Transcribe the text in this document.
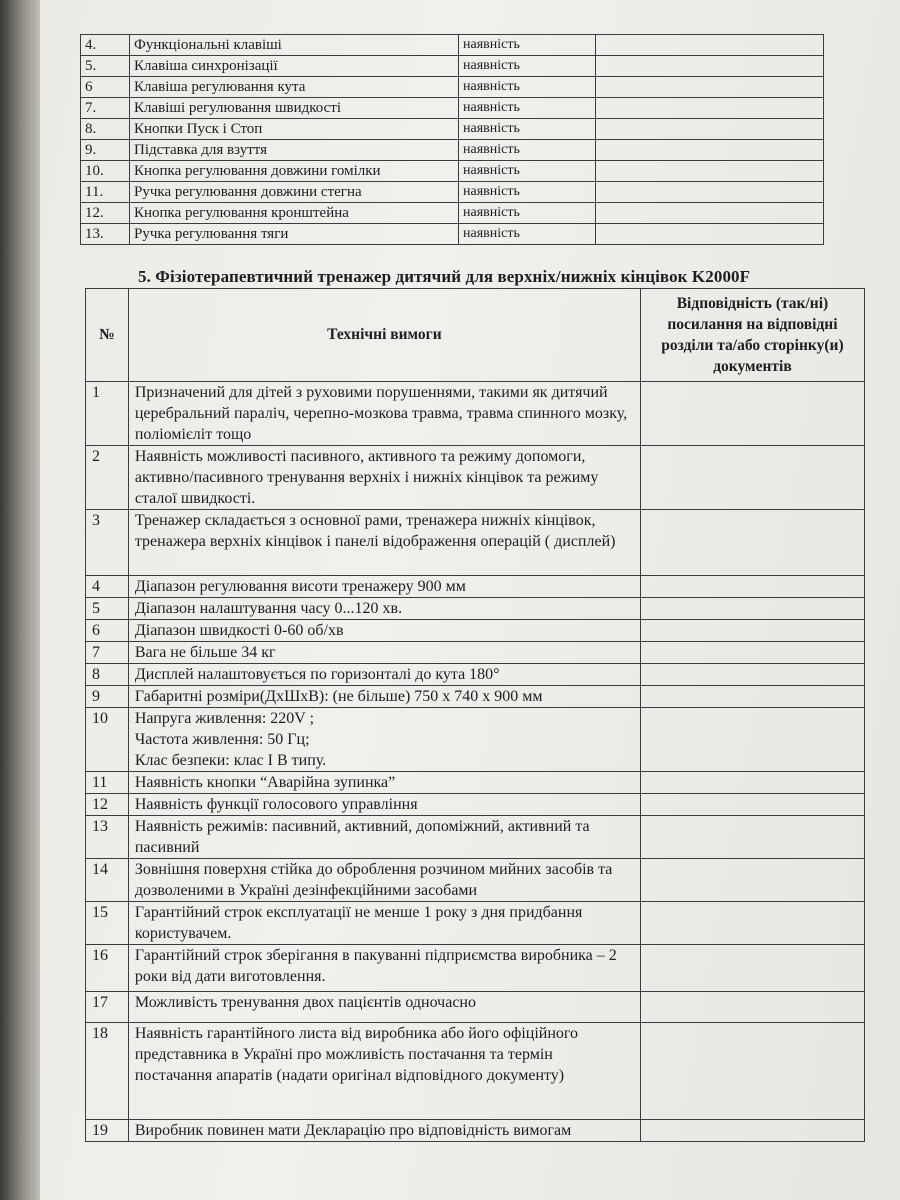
4.	Функціональні клавіші	наявність	
5.	Клавіша синхронізації	наявність	
6	Клавіша регулювання кута	наявність	
7.	Клавіші регулювання швидкості	наявність	
8.	Кнопки Пуск і Стоп	наявність	
9.	Підставка для взуття	наявність	
10.	Кнопка регулювання довжини гомілки	наявність	
11.	Ручка регулювання довжини стегна	наявність	
12.	Кнопка регулювання кронштейна	наявність	
13.	Ручка регулювання тяги	наявність	
5. Фізіотерапевтичний тренажер дитячий для верхніх/нижніх кінцівок K2000F
№	Технічні вимоги	Відповідність (так/ні) посилання на відповідні розділи та/або сторінку(и) документів
1	Призначений для дітей з руховими порушеннями, такими як дитячий церебральний параліч, черепно-мозкова травма, травма спинного мозку, поліомієліт тощо	
2	Наявність можливості пасивного, активного та режиму допомоги, активно/пасивного тренування верхніх і нижніх кінцівок та режиму сталої швидкості.	
3	Тренажер складається з основної рами, тренажера нижніх кінцівок, тренажера верхніх кінцівок і панелі відображення операцій ( дисплей)	
4	Діапазон регулювання висоти тренажеру 900 мм	
5	Діапазон налаштування часу 0...120 хв.	
6	Діапазон швидкості 0-60 об/хв	
7	Вага не більше 34 кг	
8	Дисплей налаштовується по горизонталі до кута 180°	
9	Габаритні розміри(ДхШхВ): (не більше) 750 х 740 х 900 мм	
10	Напруга живлення: 220V ;
Частота живлення: 50 Гц;
Клас безпеки: клас I В типу.	
11	Наявність кнопки “Аварійна зупинка”	
12	Наявність функції голосового управління	
13	Наявність режимів: пасивний, активний, допоміжний, активний та пасивний	
14	Зовнішня поверхня стійка до оброблення розчином мийних засобів та дозволеними в Україні дезінфекційними засобами	
15	Гарантійний строк експлуатації не менше 1 року з дня придбання користувачем.	
16	Гарантійний строк зберігання в пакуванні підприємства виробника – 2 роки від дати виготовлення.	
17	Можливість тренування двох пацієнтів одночасно	
18	Наявність гарантійного листа від виробника або його офіційного представника в Україні про можливість постачання та термін постачання апаратів (надати оригінал відповідного документу)	
19	Виробник повинен мати Декларацію про відповідність вимогам	
